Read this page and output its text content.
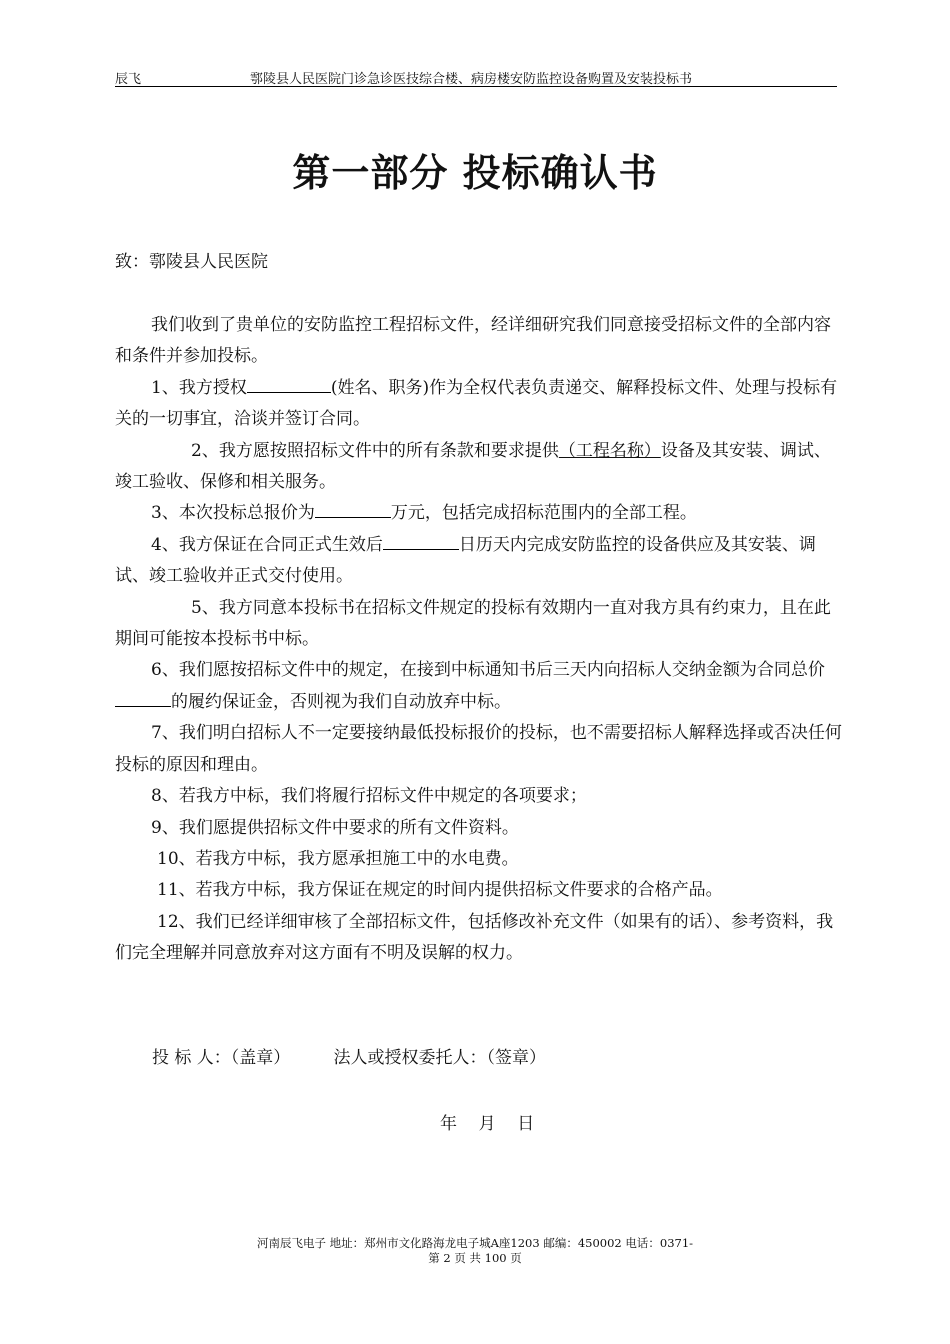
辰飞	鄠陵县人民医院门诊急诊医技综合楼、病房楼安防监控设备购置及安装投标书
第一部分 投标确认书
致：鄠陵县人民医院

我们收到了贵单位的安防监控工程招标文件，经详细研究我们同意接受招标文件的全部内容和条件并参加投标。

1、我方授权	(姓名、职务)作为全权代表负责递交、解释投标文件、处理与投标有关的一切事宜，洽谈并签订合同。

2、我方愿按照招标文件中的所有条款和要求提供（工程名称）设备及其安装、调试、竣工验收、保修和相关服务。

3、本次投标总报价为	万元，包括完成招标范围内的全部工程。

4、我方保证在合同正式生效后	日历天内完成安防监控的设备供应及其安装、调试、竣工验收并正式交付使用。

5、我方同意本投标书在招标文件规定的投标有效期内一直对我方具有约束力，且在此期间可能按本投标书中标。

6、我们愿按招标文件中的规定，在接到中标通知书后三天内向招标人交纳金额为合同总价的履约保证金，否则视为我们自动放弃中标。

7、我们明白招标人不一定要接纳最低投标报价的投标，也不需要招标人解释选择或否决任何投标的原因和理由。

8、若我方中标，我们将履行招标文件中规定的各项要求；

9、我们愿提供招标文件中要求的所有文件资料。

10、若我方中标，我方愿承担施工中的水电费。

11、若我方中标，我方保证在规定的时间内提供招标文件要求的合格产品。

12、我们已经详细审核了全部招标文件，包括修改补充文件（如果有的话）、参考资料，我们完全理解并同意放弃对这方面有不明及误解的权力。

投 标 人：（盖章）	法人或授权委托人：（签章）
年    月    日
河南辰飞电子 地址：郑州市文化路海龙电子城A座1203 邮编：450002 电话：0371-
第 2 页 共 100 页
